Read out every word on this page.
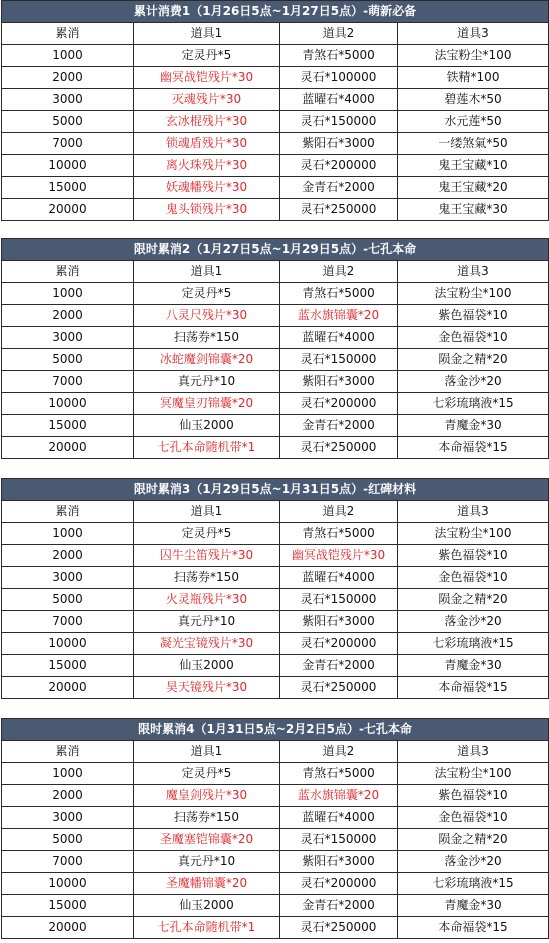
累计消费1（1月26日5点~1月27日5点）-萌新必备			
累消	道具1	道具2	道具3
1000	定灵丹*5	青煞石*5000	法宝粉尘*100
2000	幽冥战铠残片*30	灵石*100000	铁精*100
3000	灭魂残片*30	蓝曜石*4000	碧莲木*50
5000	玄冰棍残片*30	灵石*150000	水元莲*50
7000	锁魂盾残片*30	紫阳石*3000	一缕煞氣*50
10000	离火珠残片*30	灵石*200000	鬼王宝藏*10
15000	妖魂幡残片*30	金青石*2000	鬼王宝藏*20
20000	鬼头锁残片*30	灵石*250000	鬼王宝藏*30
限时累消2（1月27日5点~1月29日5点）-七孔本命			
累消	道具1	道具2	道具3
1000	定灵丹*5	青煞石*5000	法宝粉尘*100
2000	八灵尺残片*30	蓝水旗锦囊*20	紫色福袋*10
3000	扫荡券*150	蓝曜石*4000	金色福袋*10
5000	冰蛇魔剑锦囊*20	灵石*150000	陨金之精*20
7000	真元丹*10	紫阳石*3000	落金沙*20
10000	冥魔皇刃锦囊*20	灵石*200000	七彩琉璃液*15
15000	仙玉2000	金青石*2000	青魔金*30
20000	七孔本命随机带*1	灵石*250000	本命福袋*15
限时累消3（1月29日5点~1月31日5点）-红碑材料			
累消	道具1	道具2	道具3
1000	定灵丹*5	青煞石*5000	法宝粉尘*100
2000	囚牛尘笛残片*30	幽冥战铠残片*30	紫色福袋*10
3000	扫荡券*150	蓝曜石*4000	金色福袋*10
5000	火灵瓶残片*30	灵石*150000	陨金之精*20
7000	真元丹*10	紫阳石*3000	落金沙*20
10000	凝光宝镜残片*30	灵石*200000	七彩琉璃液*15
15000	仙玉2000	金青石*2000	青魔金*30
20000	昊天镜残片*30	灵石*250000	本命福袋*15
限时累消4（1月31日5点~2月2日5点）-七孔本命			
累消	道具1	道具2	道具3
1000	定灵丹*5	青煞石*5000	法宝粉尘*100
2000	魔皇剑残片*30	蓝水旗锦囊*20	紫色福袋*10
3000	扫荡券*150	蓝曜石*4000	金色福袋*10
5000	圣魔塞铠锦囊*20	灵石*150000	陨金之精*20
7000	真元丹*10	紫阳石*3000	落金沙*20
10000	圣魔幡锦囊*20	灵石*200000	七彩琉璃液*15
15000	仙玉2000	金青石*2000	青魔金*30
20000	七孔本命随机带*1	灵石*250000	本命福袋*15
